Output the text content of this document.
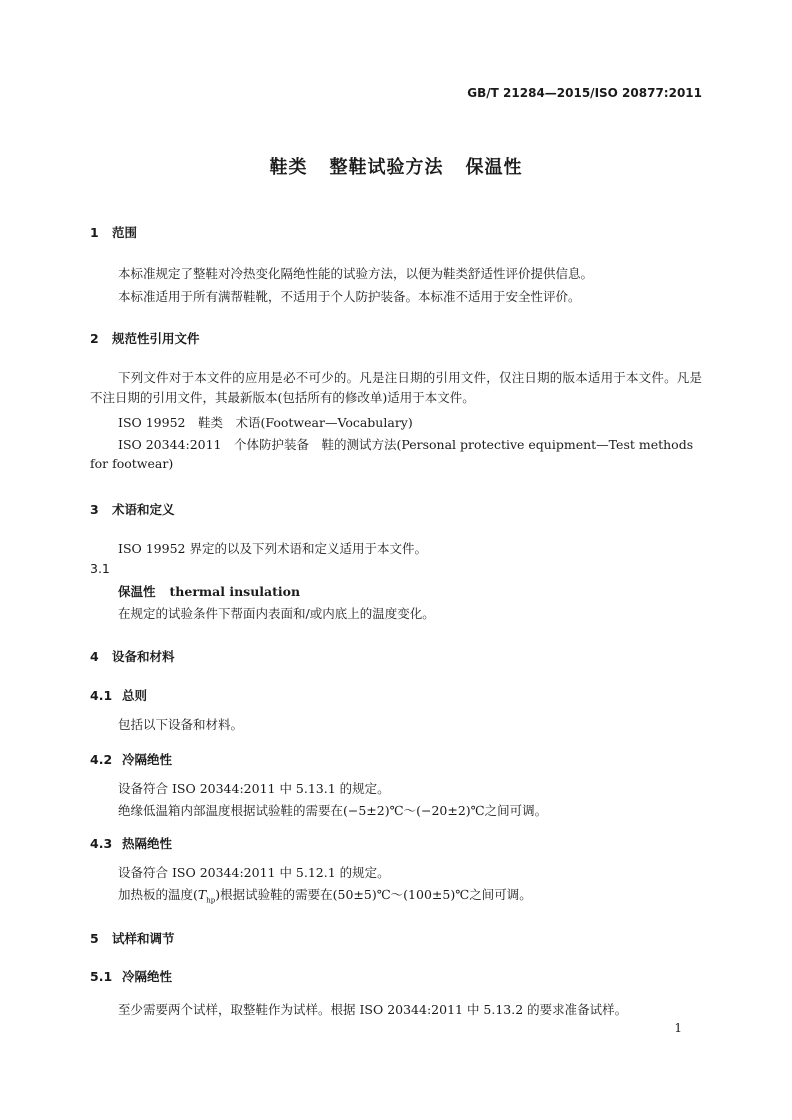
GB/T 21284—2015/ISO 20877:2011
鞋类 整鞋试验方法 保温性
1 范围
本标准规定了整鞋对冷热变化隔绝性能的试验方法，以便为鞋类舒适性评价提供信息。
本标准适用于所有满帮鞋靴，不适用于个人防护装备。本标准不适用于安全性评价。
2 规范性引用文件
下列文件对于本文件的应用是必不可少的。凡是注日期的引用文件，仅注日期的版本适用于本文件。凡是不注日期的引用文件，其最新版本(包括所有的修改单)适用于本文件。
ISO 19952　鞋类　术语(Footwear—Vocabulary)
ISO 20344:2011　个体防护装备　鞋的测试方法(Personal protective equipment—Test methods
for footwear)
3 术语和定义
ISO 19952 界定的以及下列术语和定义适用于本文件。
3.1
保温性 thermal insulation
在规定的试验条件下帮面内表面和/或内底上的温度变化。
4 设备和材料
4.1 总则
包括以下设备和材料。
4.2 冷隔绝性
设备符合 ISO 20344:2011 中 5.13.1 的规定。
绝缘低温箱内部温度根据试验鞋的需要在(−5±2)℃～(−20±2)℃之间可调。
4.3 热隔绝性
设备符合 ISO 20344:2011 中 5.12.1 的规定。
加热板的温度$(T_{hp})$根据试验鞋的需要在(50±5)℃～(100±5)℃之间可调。
5 试样和调节
5.1 冷隔绝性
至少需要两个试样，取整鞋作为试样。根据 ISO 20344:2011 中 5.13.2 的要求准备试样。
1
